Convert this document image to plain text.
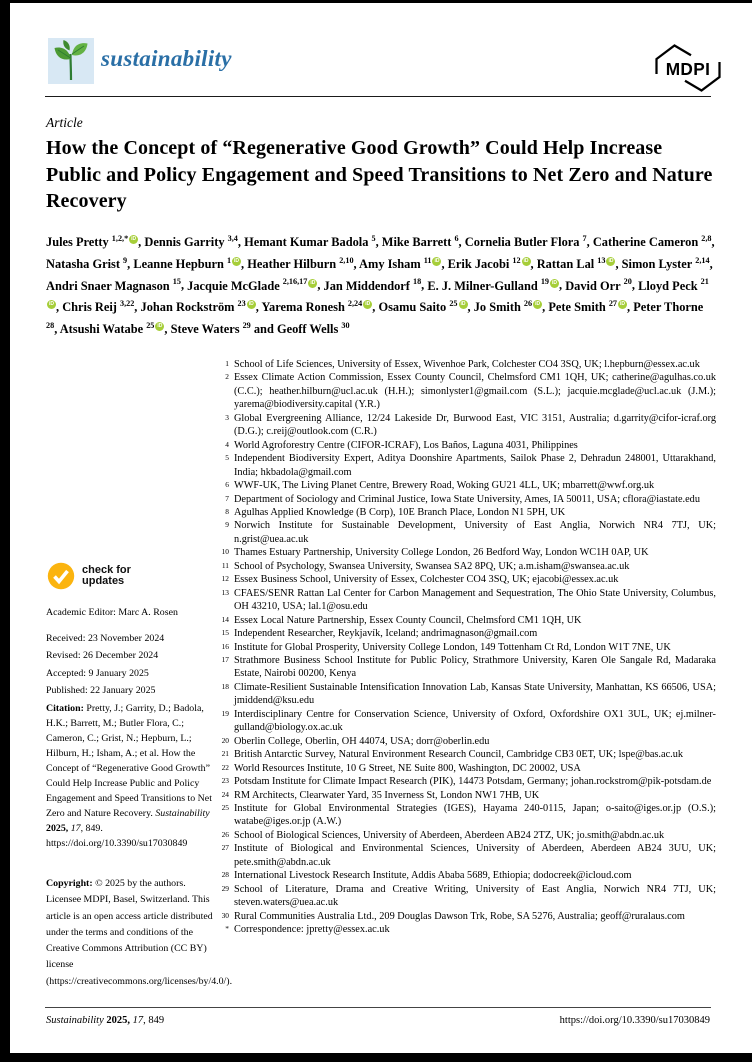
sustainability	MDPI
Article
How the Concept of “Regenerative Good Growth” Could Help Increase Public and Policy Engagement and Speed Transitions to Net Zero and Nature Recovery
Jules Pretty $^{1,2,*}$ iD , Dennis Garrity $^{3,4}$, Hemant Kumar Badola $^5$, Mike Barrett $^6$, Cornelia Butler Flora $^7$, Catherine Cameron $^{2,8}$, Natasha Grist $^9$, Leanne Hepburn $^1$ iD , Heather Hilburn $^{2,10}$, Amy Isham $^{11}$ iD , Erik Jacobi $^{12}$ iD , Rattan Lal $^{13}$ iD , Simon Lyster $^{2,14}$, Andri Snaer Magnason $^{15}$, Jacquie McGlade $^{2,16,17}$ iD , Jan Middendorf $^{18}$, E. J. Milner-Gulland $^{19}$ iD , David Orr $^{20}$, Lloyd Peck $^{21}$iD , Chris Reij $^{3,22}$, Johan Rockström $^{23}$ iD , Yarema Ronesh $^{2,24}$ iD , Osamu Saito $^{25}$ iD , Jo Smith $^{26}$ iD , Pete Smith $^{27}$ iD , Peter Thorne $^{28}$, Atsushi Watabe $^{25}$ iD , Steve Waters $^{29}$ and Geoff Wells $^{30}$
1 School of Life Sciences, University of Essex, Wivenhoe Park, Colchester CO4 3SQ, UK; l.hepburn@essex.ac.uk
2 Essex Climate Action Commission, Essex County Council, Chelmsford CM1 1QH, UK; catherine@agulhas.co.uk (C.C.); heather.hilburn@ucl.ac.uk (H.H.); simonlyster1@gmail.com (S.L.); jacquie.mcglade@ucl.ac.uk (J.M.); yarema@biodiversity.capital (Y.R.)
3 Global Evergreening Alliance, 12/24 Lakeside Dr, Burwood East, VIC 3151, Australia; d.garrity@cifor-icraf.org (D.G.); c.reij@outlook.com (C.R.)
4 World Agroforestry Centre (CIFOR-ICRAF), Los Baños, Laguna 4031, Philippines
5 Independent Biodiversity Expert, Aditya Doonshire Apartments, Sailok Phase 2, Dehradun 248001, Uttarakhand, India; hkbadola@gmail.com
6 WWF-UK, The Living Planet Centre, Brewery Road, Woking GU21 4LL, UK; mbarrett@wwf.org.uk
7 Department of Sociology and Criminal Justice, Iowa State University, Ames, IA 50011, USA; cflora@iastate.edu
8 Agulhas Applied Knowledge (B Corp), 10E Branch Place, London N1 5PH, UK
9 Norwich Institute for Sustainable Development, University of East Anglia, Norwich NR4 7TJ, UK; n.grist@uea.ac.uk
10 Thames Estuary Partnership, University College London, 26 Bedford Way, London WC1H 0AP, UK
11 School of Psychology, Swansea University, Swansea SA2 8PQ, UK; a.m.isham@swansea.ac.uk
12 Essex Business School, University of Essex, Colchester CO4 3SQ, UK; ejacobi@essex.ac.uk
13 CFAES/SENR Rattan Lal Center for Carbon Management and Sequestration, The Ohio State University, Columbus, OH 43210, USA; lal.1@osu.edu
14 Essex Local Nature Partnership, Essex County Council, Chelmsford CM1 1QH, UK
15 Independent Researcher, Reykjavík, Iceland; andrimagnason@gmail.com
16 Institute for Global Prosperity, University College London, 149 Tottenham Ct Rd, London W1T 7NE, UK
17 Strathmore Business School Institute for Public Policy, Strathmore University, Karen Ole Sangale Rd, Madaraka Estate, Nairobi 00200, Kenya
18 Climate-Resilient Sustainable Intensification Innovation Lab, Kansas State University, Manhattan, KS 66506, USA; jmiddend@ksu.edu
19 Interdisciplinary Centre for Conservation Science, University of Oxford, Oxfordshire OX1 3UL, UK; ej.milner-gulland@biology.ox.ac.uk
20 Oberlin College, Oberlin, OH 44074, USA; dorr@oberlin.edu
21 British Antarctic Survey, Natural Environment Research Council, Cambridge CB3 0ET, UK; lspe@bas.ac.uk
22 World Resources Institute, 10 G Street, NE Suite 800, Washington, DC 20002, USA
23 Potsdam Institute for Climate Impact Research (PIK), 14473 Potsdam, Germany; johan.rockstrom@pik-potsdam.de
24 RM Architects, Clearwater Yard, 35 Inverness St, London NW1 7HB, UK
25 Institute for Global Environmental Strategies (IGES), Hayama 240-0115, Japan; o-saito@iges.or.jp (O.S.); watabe@iges.or.jp (A.W.)
26 School of Biological Sciences, University of Aberdeen, Aberdeen AB24 2TZ, UK; jo.smith@abdn.ac.uk
27 Institute of Biological and Environmental Sciences, University of Aberdeen, Aberdeen AB24 3UU, UK; pete.smith@abdn.ac.uk
28 International Livestock Research Institute, Addis Ababa 5689, Ethiopia; dodocreek@icloud.com
29 School of Literature, Drama and Creative Writing, University of East Anglia, Norwich NR4 7TJ, UK; steven.waters@uea.ac.uk
30 Rural Communities Australia Ltd., 209 Douglas Dawson Trk, Robe, SA 5276, Australia; geoff@ruralaus.com
* Correspondence: jpretty@essex.ac.uk
check for
updates
Academic Editor: Marc A. Rosen
Received: 23 November 2024
Revised: 26 December 2024
Accepted: 9 January 2025
Published: 22 January 2025
Citation: Pretty, J.; Garrity, D.; Badola, H.K.; Barrett, M.; Butler Flora, C.; Cameron, C.; Grist, N.; Hepburn, L.; Hilburn, H.; Isham, A.; et al. How the Concept of “Regenerative Good Growth” Could Help Increase Public and Policy Engagement and Speed Transitions to Net Zero and Nature Recovery. Sustainability 2025, 17, 849. https://doi.org/10.3390/su17030849
Copyright: © 2025 by the authors. Licensee MDPI, Basel, Switzerland. This article is an open access article distributed under the terms and conditions of the Creative Commons Attribution (CC BY) license (https://creativecommons.org/licenses/by/4.0/).
Sustainability 2025, 17, 849	https://doi.org/10.3390/su17030849
